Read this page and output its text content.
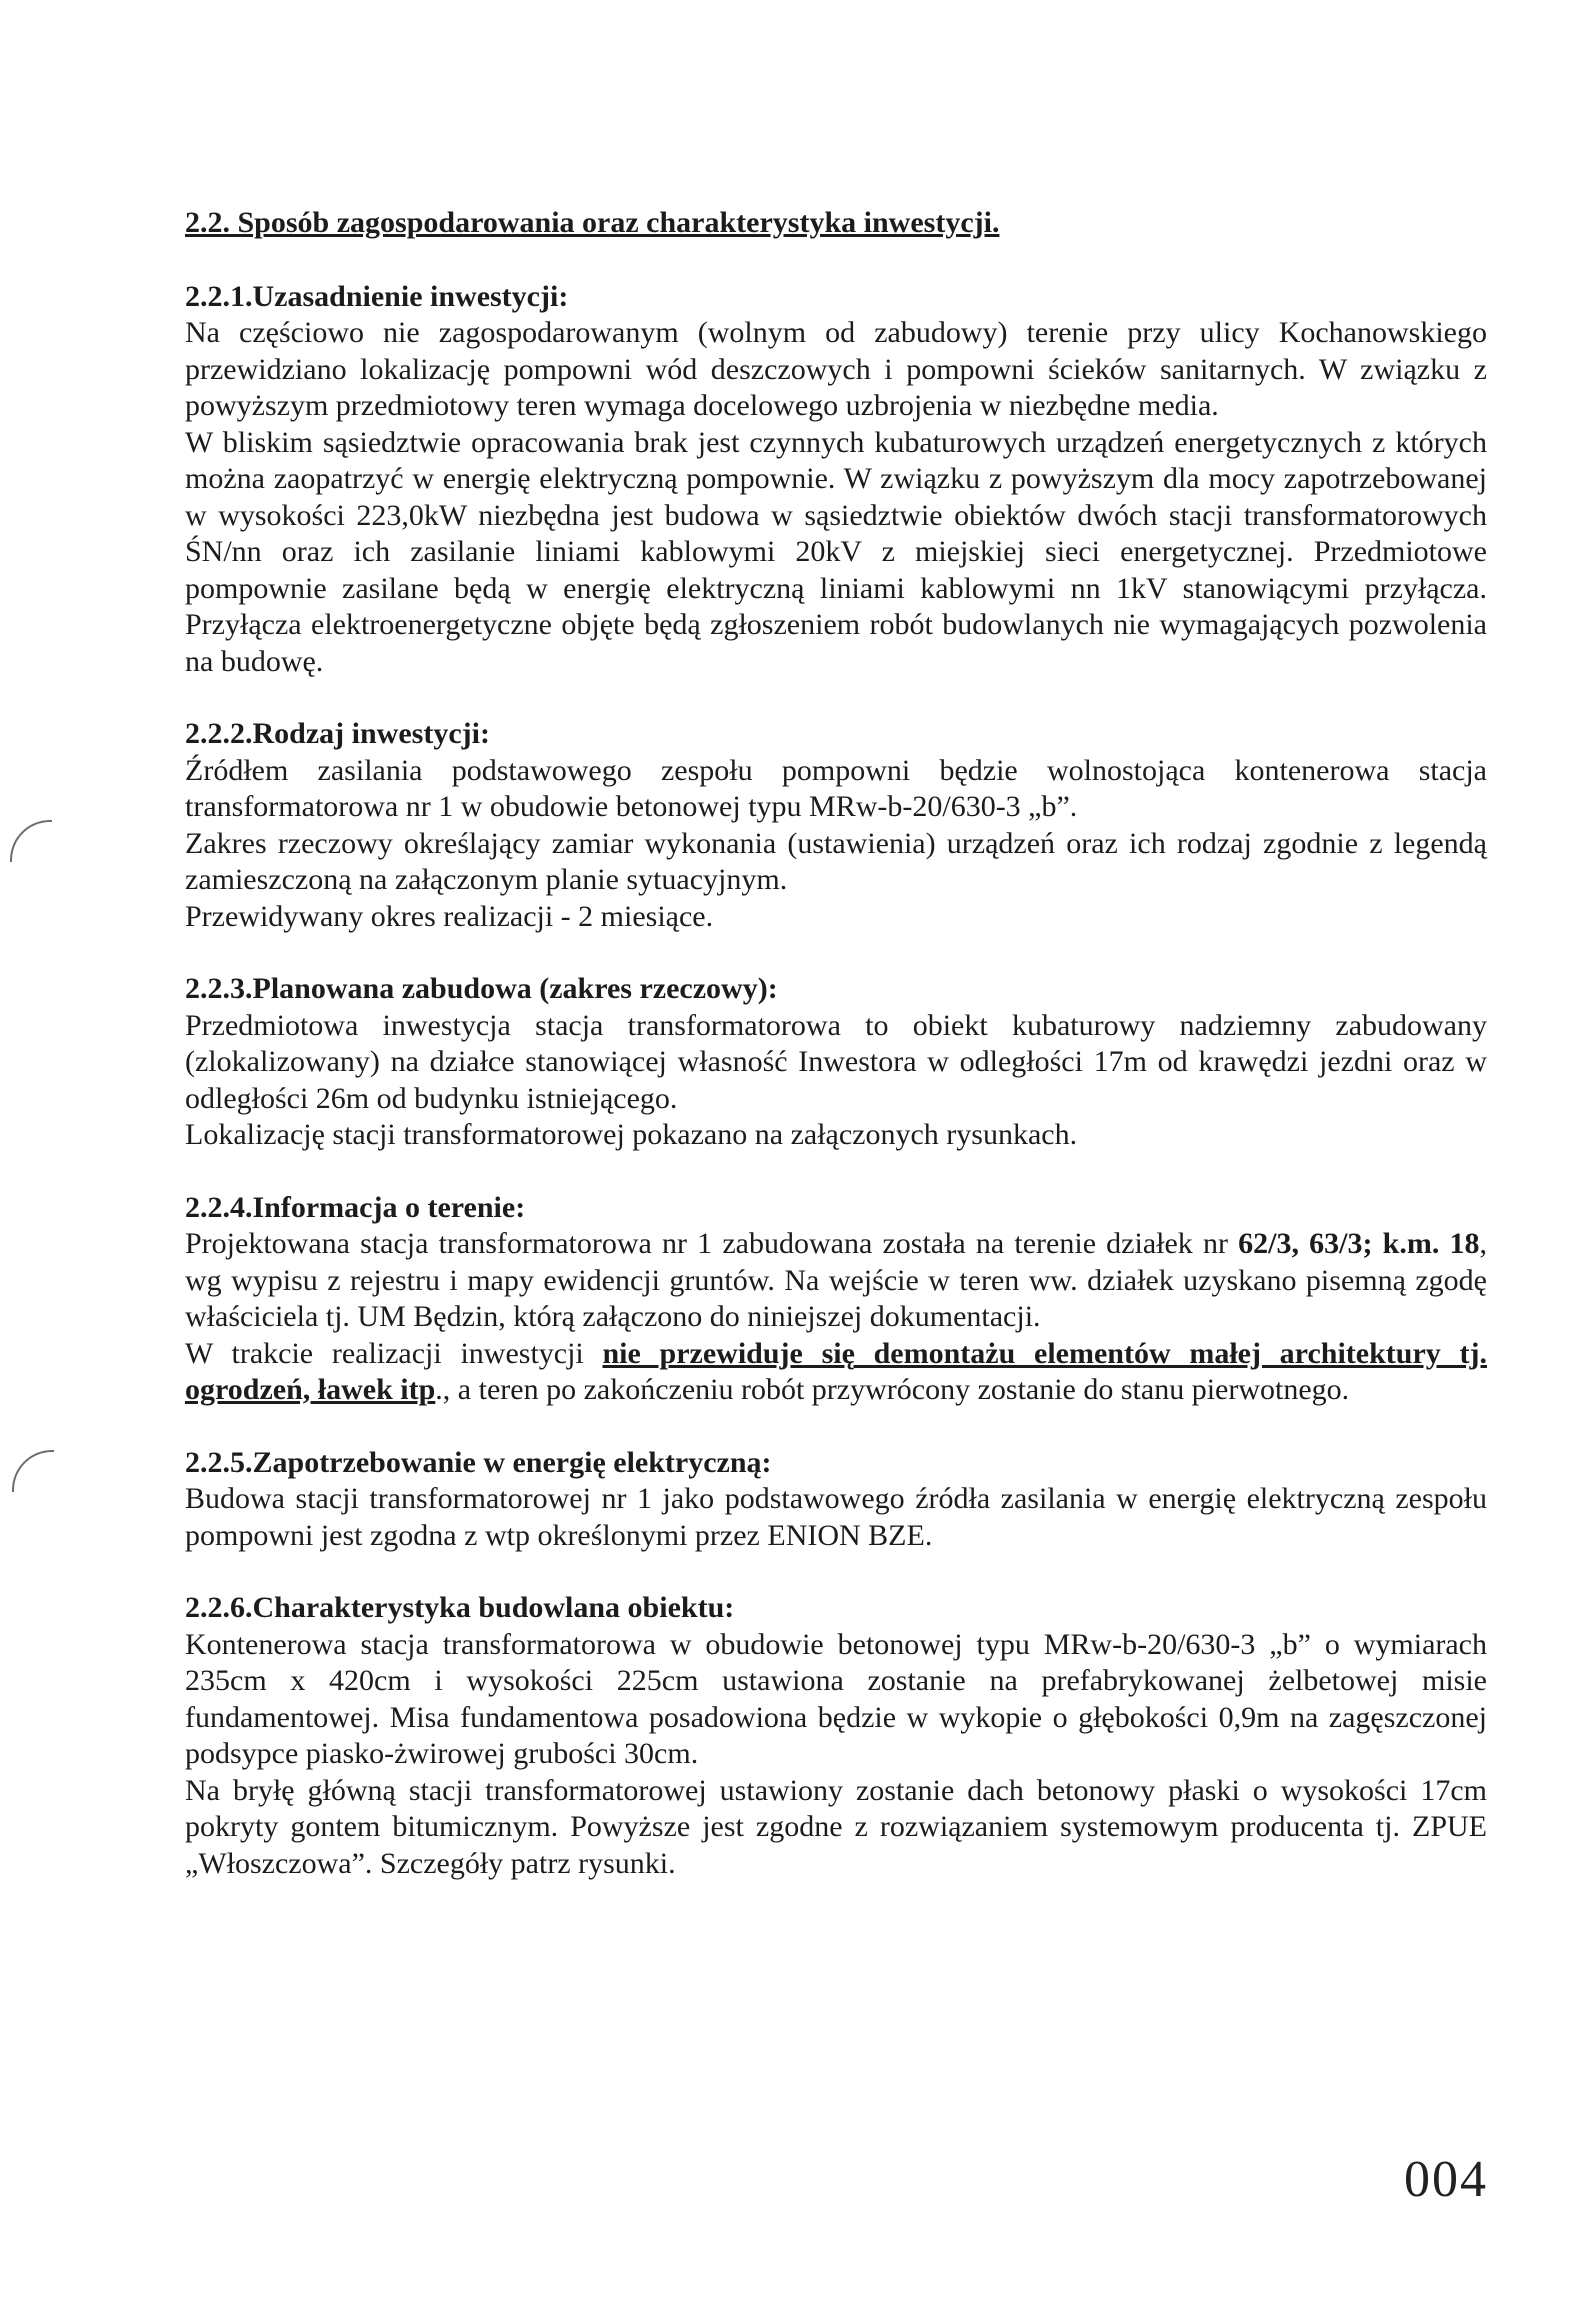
2.2. Sposób zagospodarowania oraz charakterystyka inwestycji.

2.2.1.Uzasadnienie inwestycji:

Na częściowo nie zagospodarowanym (wolnym od zabudowy) terenie przy ulicy Kochanowskiego przewidziano lokalizację pompowni wód deszczowych i pompowni ścieków sanitarnych. W związku z powyższym przedmiotowy teren wymaga docelowego uzbrojenia w niezbędne media.

W bliskim sąsiedztwie opracowania brak jest czynnych kubaturowych urządzeń energetycznych z których można zaopatrzyć w energię elektryczną pompownie. W związku z powyższym dla mocy zapotrzebowanej w wysokości 223,0kW niezbędna jest budowa w sąsiedztwie obiektów dwóch stacji transformatorowych ŚN/nn oraz ich zasilanie liniami kablowymi 20kV z miejskiej sieci energetycznej. Przedmiotowe pompownie zasilane będą w energię elektryczną liniami kablowymi nn 1kV stanowiącymi przyłącza. Przyłącza elektroenergetyczne objęte będą zgłoszeniem robót budowlanych nie wymagających pozwolenia na budowę.

2.2.2.Rodzaj inwestycji:

Źródłem zasilania podstawowego zespołu pompowni będzie wolnostojąca kontenerowa stacja transformatorowa nr 1 w obudowie betonowej typu MRw-b-20/630-3 „b”.

Zakres rzeczowy określający zamiar wykonania (ustawienia) urządzeń oraz ich rodzaj zgodnie z legendą zamieszczoną na załączonym planie sytuacyjnym.

Przewidywany okres realizacji - 2 miesiące.

2.2.3.Planowana zabudowa (zakres rzeczowy):

Przedmiotowa inwestycja stacja transformatorowa to obiekt kubaturowy nadziemny zabudowany (zlokalizowany) na działce stanowiącej własność Inwestora w odległości 17m od krawędzi jezdni oraz w odległości 26m od budynku istniejącego.

Lokalizację stacji transformatorowej pokazano na załączonych rysunkach.

2.2.4.Informacja o terenie:

Projektowana stacja transformatorowa nr 1 zabudowana została na terenie działek nr 62/3, 63/3; k.m. 18, wg wypisu z rejestru i mapy ewidencji gruntów. Na wejście w teren ww. działek uzyskano pisemną zgodę właściciela tj. UM Będzin, którą załączono do niniejszej dokumentacji.

W trakcie realizacji inwestycji nie przewiduje się demontażu elementów małej architektury tj. ogrodzeń, ławek itp., a teren po zakończeniu robót przywrócony zostanie do stanu pierwotnego.

2.2.5.Zapotrzebowanie w energię elektryczną:

Budowa stacji transformatorowej nr 1 jako podstawowego źródła zasilania w energię elektryczną zespołu pompowni jest zgodna z wtp określonymi przez ENION BZE.

2.2.6.Charakterystyka budowlana obiektu:

Kontenerowa stacja transformatorowa w obudowie betonowej typu MRw-b-20/630-3 „b” o wymiarach 235cm x 420cm i wysokości 225cm ustawiona zostanie na prefabrykowanej żelbetowej misie fundamentowej. Misa fundamentowa posadowiona będzie w wykopie o głębokości 0,9m na zagęszczonej podsypce piasko-żwirowej grubości 30cm.

Na bryłę główną stacji transformatorowej ustawiony zostanie dach betonowy płaski o wysokości 17cm pokryty gontem bitumicznym. Powyższe jest zgodne z rozwiązaniem systemowym producenta tj. ZPUE „Włoszczowa”. Szczegóły patrz rysunki.

004
